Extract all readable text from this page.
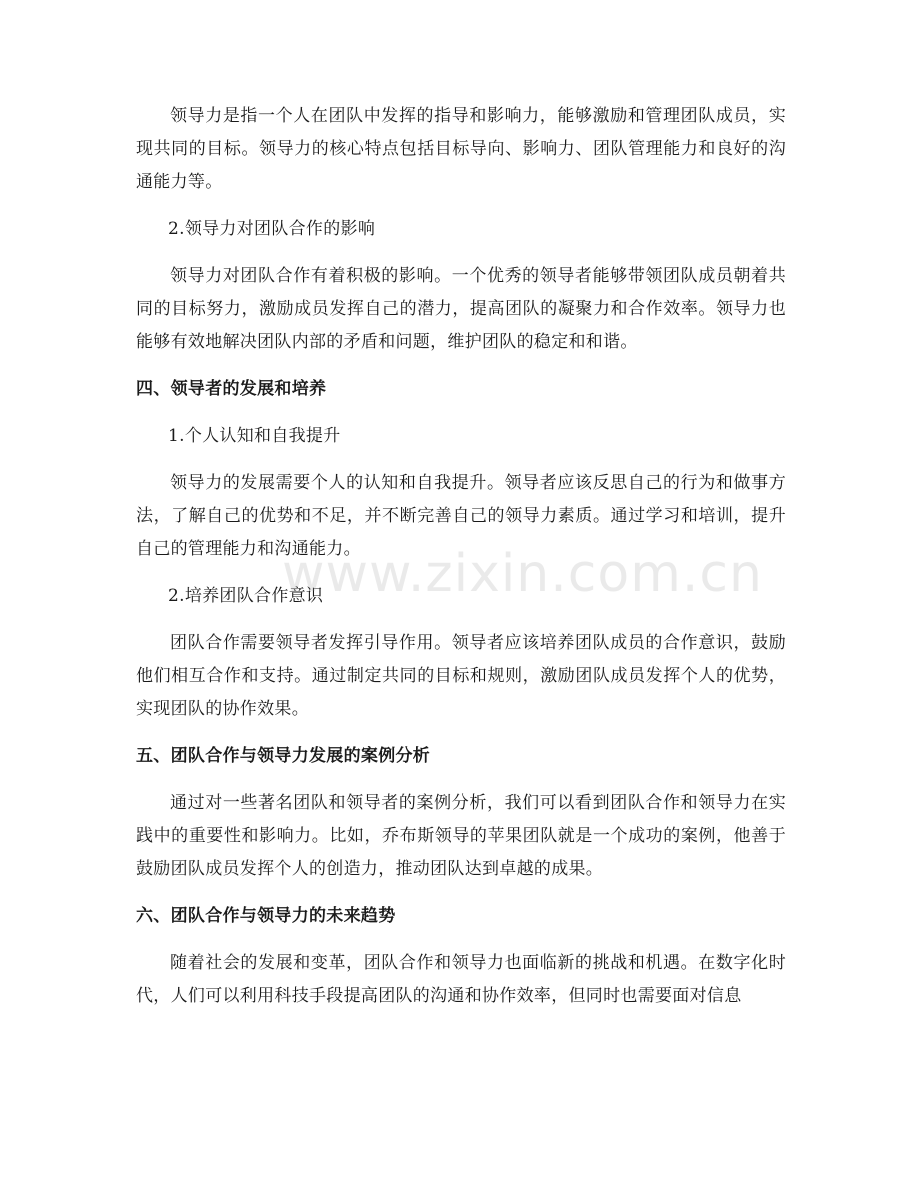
领导力是指一个人在团队中发挥的指导和影响力，能够激励和管理团队成员，实现共同的目标。领导力的核心特点包括目标导向、影响力、团队管理能力和良好的沟通能力等。

2.领导力对团队合作的影响

领导力对团队合作有着积极的影响。一个优秀的领导者能够带领团队成员朝着共同的目标努力，激励成员发挥自己的潜力，提高团队的凝聚力和合作效率。领导力也能够有效地解决团队内部的矛盾和问题，维护团队的稳定和和谐。

四、领导者的发展和培养

1.个人认知和自我提升

领导力的发展需要个人的认知和自我提升。领导者应该反思自己的行为和做事方法，了解自己的优势和不足，并不断完善自己的领导力素质。通过学习和培训，提升自己的管理能力和沟通能力。

2.培养团队合作意识

团队合作需要领导者发挥引导作用。领导者应该培养团队成员的合作意识，鼓励他们相互合作和支持。通过制定共同的目标和规则，激励团队成员发挥个人的优势，实现团队的协作效果。

五、团队合作与领导力发展的案例分析

通过对一些著名团队和领导者的案例分析，我们可以看到团队合作和领导力在实践中的重要性和影响力。比如，乔布斯领导的苹果团队就是一个成功的案例，他善于鼓励团队成员发挥个人的创造力，推动团队达到卓越的成果。

六、团队合作与领导力的未来趋势

随着社会的发展和变革，团队合作和领导力也面临新的挑战和机遇。在数字化时代，人们可以利用科技手段提高团队的沟通和协作效率，但同时也需要面对信息

www.zixin.com.cn
